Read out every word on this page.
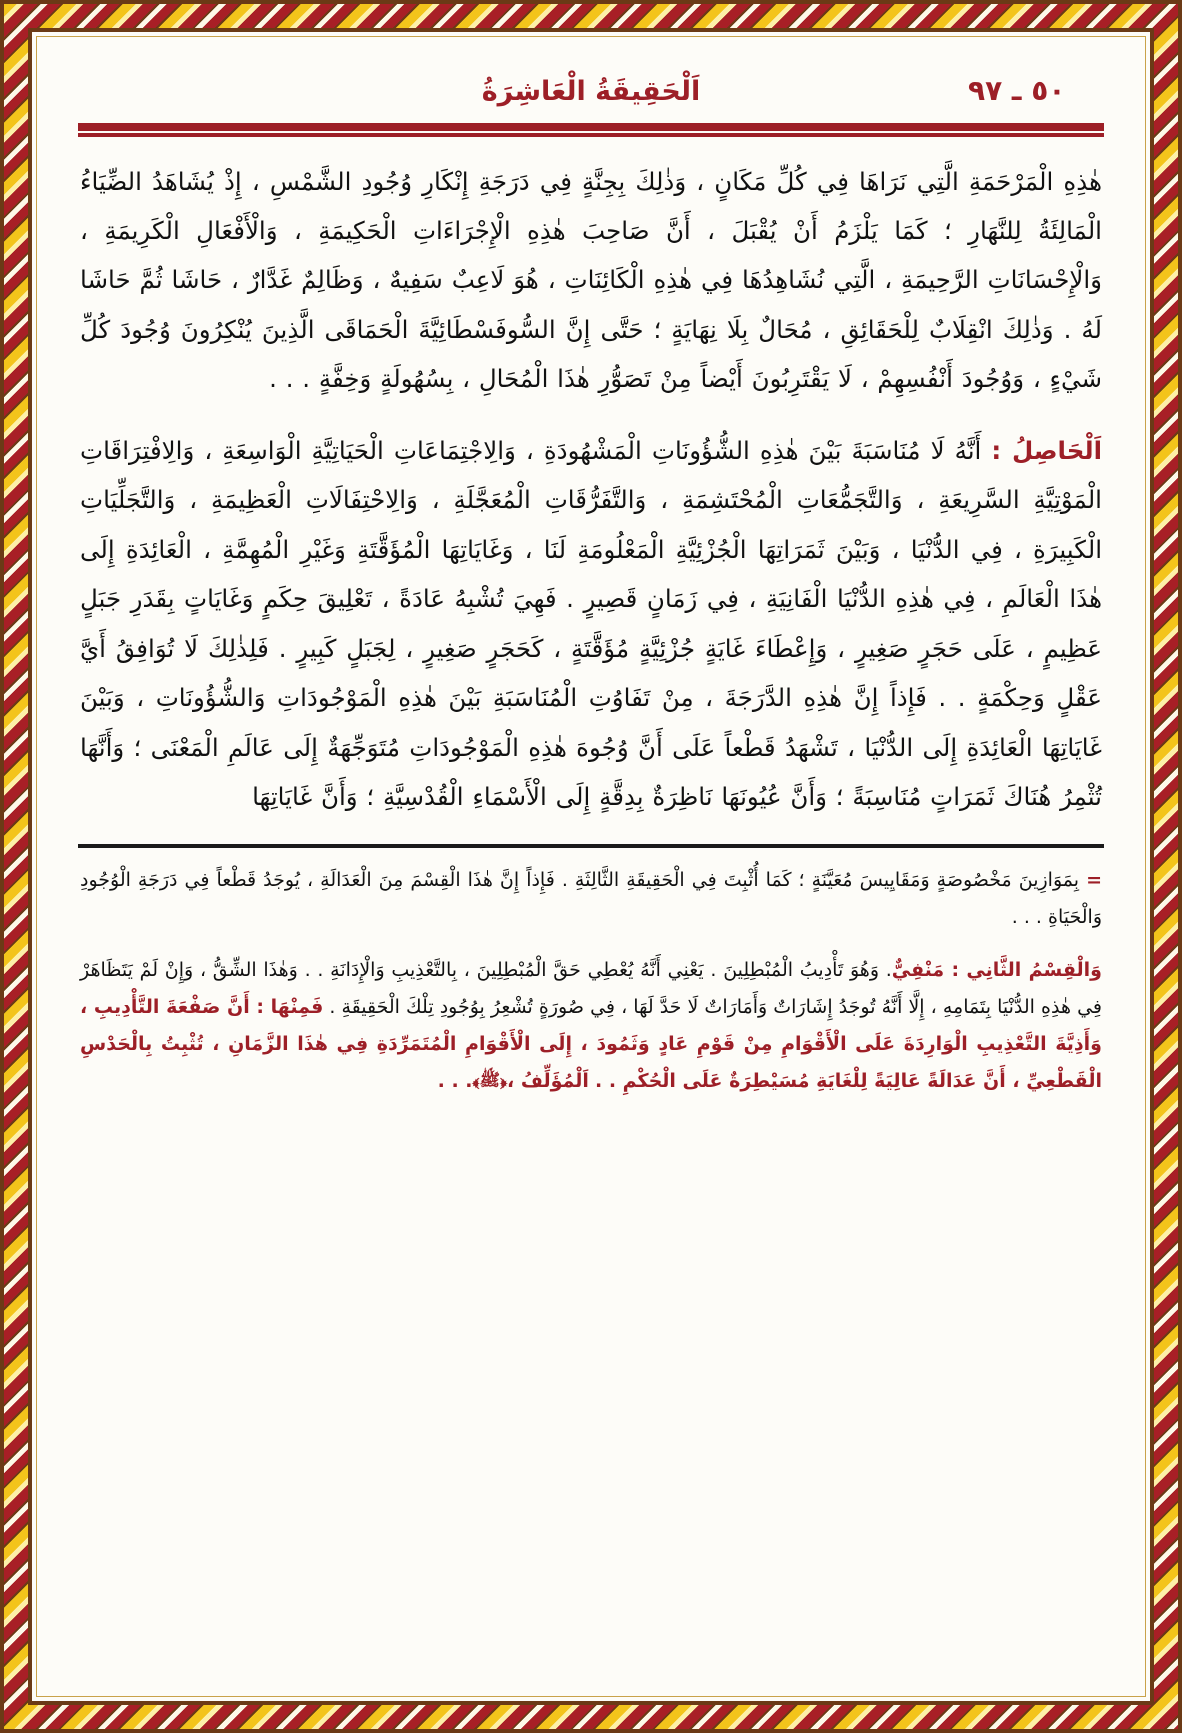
٥٠ ـ ٩٧
اَلْحَقِيقَةُ الْعَاشِرَةُ

هٰذِهِ الْمَرْحَمَةِ الَّتِي نَرَاهَا فِي كُلِّ مَكَانٍ ، وَذٰلِكَ بِجِنَّةٍ فِي دَرَجَةِ إِنْكَارِ وُجُودِ الشَّمْسِ ، إِذْ يُشَاهَدُ الضِّيَاءُ الْمَالِئَةُ لِلنَّهَارِ ؛ كَمَا يَلْزَمُ أَنْ يُقْبَلَ ، أَنَّ صَاحِبَ هٰذِهِ الْإِجْرَاءَاتِ الْحَكِيمَةِ ، وَالْأَفْعَالِ الْكَرِيمَةِ ، وَالْإِحْسَانَاتِ الرَّحِيمَةِ ، الَّتِي نُشَاهِدُهَا فِي هٰذِهِ الْكَائِنَاتِ ، هُوَ لَاعِبٌ سَفِيهٌ ، وَظَالِمٌ غَدَّارٌ ، حَاشَا ثُمَّ حَاشَا لَهُ . وَذٰلِكَ انْقِلَابٌ لِلْحَقَائِقِ ، مُحَالٌ بِلَا نِهَايَةٍ ؛ حَتَّى إِنَّ السُّوفَسْطَائِيَّةَ الْحَمَاقَى الَّذِينَ يُنْكِرُونَ وُجُودَ كُلِّ شَيْءٍ ، وَوُجُودَ أَنْفُسِهِمْ ، لَا يَقْتَرِبُونَ أَيْضاً مِنْ تَصَوُّرِ هٰذَا الْمُحَالِ ، بِسُهُولَةٍ وَخِفَّةٍ . . .

اَلْحَاصِلُ : أَنَّهُ لَا مُنَاسَبَةَ بَيْنَ هٰذِهِ الشُّؤُونَاتِ الْمَشْهُودَةِ ، وَالِاجْتِمَاعَاتِ الْحَيَاتِيَّةِ الْوَاسِعَةِ ، وَالِافْتِرَاقَاتِ الْمَوْتِيَّةِ السَّرِيعَةِ ، وَالتَّجَمُّعَاتِ الْمُحْتَشِمَةِ ، وَالتَّفَرُّقَاتِ الْمُعَجَّلَةِ ، وَالِاحْتِفَالَاتِ الْعَظِيمَةِ ، وَالتَّجَلِّيَاتِ الْكَبِيرَةِ ، فِي الدُّنْيَا ، وَبَيْنَ ثَمَرَاتِهَا الْجُزْئِيَّةِ الْمَعْلُومَةِ لَنَا ، وَغَايَاتِهَا الْمُؤَقَّتَةِ وَغَيْرِ الْمُهِمَّةِ ، الْعَائِدَةِ إِلَى هٰذَا الْعَالَمِ ، فِي هٰذِهِ الدُّنْيَا الْفَانِيَةِ ، فِي زَمَانٍ قَصِيرٍ . فَهِيَ تُشْبِهُ عَادَةً ، تَعْلِيقَ حِكَمٍ وَغَايَاتٍ بِقَدَرِ جَبَلٍ عَظِيمٍ ، عَلَى حَجَرٍ صَغِيرٍ ، وَإِعْطَاءَ غَايَةٍ جُزْئِيَّةٍ مُؤَقَّتَةٍ ، كَحَجَرٍ صَغِيرٍ ، لِجَبَلٍ كَبِيرٍ . فَلِذٰلِكَ لَا تُوَافِقُ أَيَّ عَقْلٍ وَحِكْمَةٍ . . فَإِذاً إِنَّ هٰذِهِ الدَّرَجَةَ ، مِنْ تَفَاوُتِ الْمُنَاسَبَةِ بَيْنَ هٰذِهِ الْمَوْجُودَاتِ وَالشُّؤُونَاتِ ، وَبَيْنَ غَايَاتِهَا الْعَائِدَةِ إِلَى الدُّنْيَا ، تَشْهَدُ قَطْعاً عَلَى أَنَّ وُجُوهَ هٰذِهِ الْمَوْجُودَاتِ مُتَوَجِّهَةٌ إِلَى عَالَمِ الْمَعْنَى ؛ وَأَنَّهَا تُثْمِرُ هُنَاكَ ثَمَرَاتٍ مُنَاسِبَةً ؛ وَأَنَّ عُيُونَهَا نَاظِرَةٌ بِدِقَّةٍ إِلَى الْأَسْمَاءِ الْقُدْسِيَّةِ ؛ وَأَنَّ غَايَاتِهَا

= بِمَوَازِينَ مَخْصُوصَةٍ وَمَقَايِيسَ مُعَيَّنَةٍ ؛ كَمَا أُثْبِتَ فِي الْحَقِيقَةِ الثَّالِثَةِ . فَإِذاً إِنَّ هٰذَا الْقِسْمَ مِنَ الْعَدَالَةِ ، يُوجَدُ قَطْعاً فِي دَرَجَةِ الْوُجُودِ وَالْحَيَاةِ . . .
وَالْقِسْمُ الثَّانِي : مَنْفِيٌّ. وَهُوَ تَأْدِيبُ الْمُبْطِلِينَ . يَعْنِي أَنَّهُ يُعْطِي حَقَّ الْمُبْطِلِينَ ، بِالتَّعْذِيبِ وَالْإِدَانَةِ . . وَهٰذَا الشِّقُّ ، وَإِنْ لَمْ يَتَظَاهَرْ فِي هٰذِهِ الدُّنْيَا بِتَمَامِهِ ، إِلَّا أَنَّهُ تُوجَدُ إِشَارَاتٌ وَأَمَارَاتٌ لَا حَدَّ لَهَا ، فِي صُورَةٍ تُشْعِرُ بِوُجُودِ تِلْكَ الْحَقِيقَةِ . فَمِنْهَا : أَنَّ صَفْعَةَ التَّأْدِيبِ ، وَأَذِيَّةَ التَّعْذِيبِ الْوَارِدَةَ عَلَى الْأَقْوَامِ مِنْ قَوْمِ عَادٍ وَثَمُودَ ، إِلَى الْأَقْوَامِ الْمُتَمَرِّدَةِ فِي هٰذَا الزَّمَانِ ، تُثْبِتُ بِالْحَدْسِ الْقَطْعِيِّ ، أَنَّ عَدَالَةً عَالِيَةً لِلْغَايَةِ مُسَيْطِرَةٌ عَلَى الْحُكْمِ . . اَلْمُؤَلِّفُ ،﴿ﷺ﴾. . .
